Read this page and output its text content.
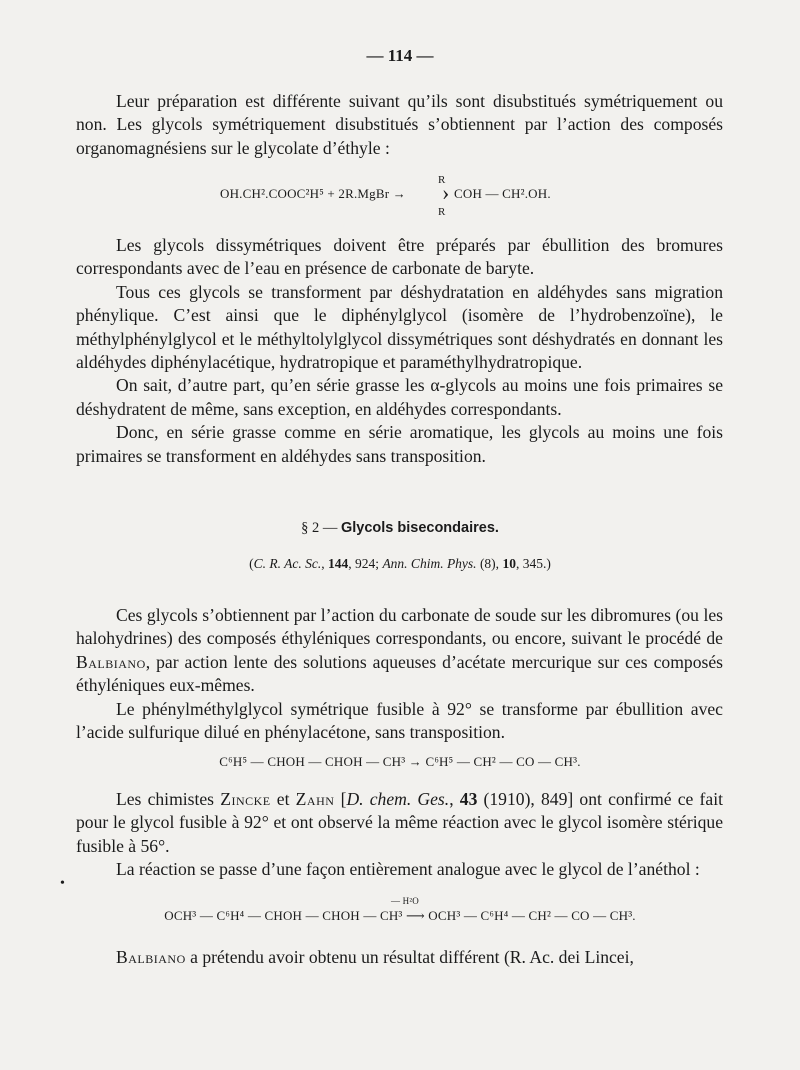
— 114 —

Leur préparation est différente suivant qu’ils sont disubstitués symétriquement ou non. Les glycols symétriquement disubstitués s’obtiennent par l’action des composés organomagnésiens sur le glycolate d’éthyle :

R
OH.CH².COOC²H⁵ + 2R.MgBr → › COH — CH².OH.
R

Les glycols dissymétriques doivent être préparés par ébullition des bromures correspondants avec de l’eau en présence de carbonate de baryte.

Tous ces glycols se transforment par déshydratation en aldéhydes sans migration phénylique. C’est ainsi que le diphénylglycol (isomère de l’hydrobenzoïne), le méthylphénylglycol et le méthyltolylglycol dissymétriques sont déshydratés en donnant les aldéhydes diphénylacétique, hydratropique et paraméthylhydratropique.

On sait, d’autre part, qu’en série grasse les α-glycols au moins une fois primaires se déshydratent de même, sans exception, en aldéhydes correspondants.

Donc, en série grasse comme en série aromatique, les glycols au moins une fois primaires se transforment en aldéhydes sans transposition.

§ 2 — Glycols bisecondaires.
(C. R. Ac. Sc., 144, 924; Ann. Chim. Phys. (8), 10, 345.)

Ces glycols s’obtiennent par l’action du carbonate de soude sur les dibromures (ou les halohydrines) des composés éthyléniques correspondants, ou encore, suivant le procédé de Balbiano, par action lente des solutions aqueuses d’acétate mercurique sur ces composés éthyléniques eux-mêmes.

Le phénylméthylglycol symétrique fusible à 92° se transforme par ébullition avec l’acide sulfurique dilué en phénylacétone, sans transposition.

C⁶H⁵ — CHOH — CHOH — CH³ → C⁶H⁵ — CH² — CO — CH³.

Les chimistes Zincke et Zahn [D. chem. Ges., 43 (1910), 849] ont confirmé ce fait pour le glycol fusible à 92° et ont observé la même réaction avec le glycol isomère stérique fusible à 56°.

La réaction se passe d’une façon entièrement analogue avec le glycol de l’anéthol :

•
— H²O
OCH³ — C⁶H⁴ — CHOH — CHOH — CH³ ⟶ OCH³ — C⁶H⁴ — CH² — CO — CH³.

Balbiano a prétendu avoir obtenu un résultat différent (R. Ac. dei Lincei,
